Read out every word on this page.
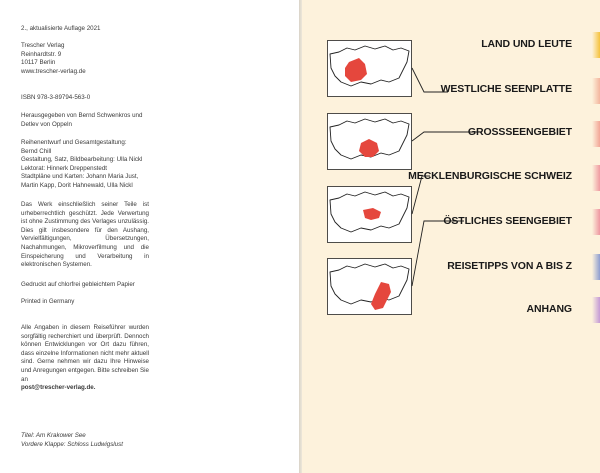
2., aktualisierte Auflage 2021
Trescher Verlag
Reinhardtstr. 9
10117 Berlin
www.trescher-verlag.de
ISBN 978-3-89794-563-0
Herausgegeben von Bernd Schwenkros und
Detlev von Oppeln
Reihenentwurf und Gesamtgestaltung:
Bernd Chill
Gestaltung, Satz, Bildbearbeitung: Ulla Nickl
Lektorat: Hinnerk Dreppenstedt
Stadtpläne und Karten: Johann Maria Just,
Martin Kapp, Dorit Hahnewald, Ulla Nickl
Das Werk einschließlich seiner Teile ist urheberrechtlich geschützt. Jede Verwertung ist ohne Zustimmung des Verlages unzulässig. Dies gilt insbesondere für den Aushang, Vervielfältigungen, Übersetzungen, Nachahmungen, Mikroverfilmung und die Einspeicherung und Verarbeitung in elektronischen Systemen.
Gedruckt auf chlorfrei gebleichtem Papier
Printed in Germany
Alle Angaben in diesem Reiseführer wurden sorgfältig recherchiert und überprüft. Dennoch können Entwicklungen vor Ort dazu führen, dass einzelne Informationen nicht mehr aktuell sind. Gerne nehmen wir dazu Ihre Hinweise und Anregungen entgegen. Bitte schreiben Sie an
post@trescher-verlag.de.
Titel: Am Krakower See
Vordere Klappe: Schloss Ludwigslust
LAND UND LEUTE
WESTLICHE SEENPLATTE
GROSSSEENGEBIET
MECKLENBURGISCHE SCHWEIZ
ÖSTLICHES SEENGEBIET
REISETIPPS VON A BIS Z
ANHANG
